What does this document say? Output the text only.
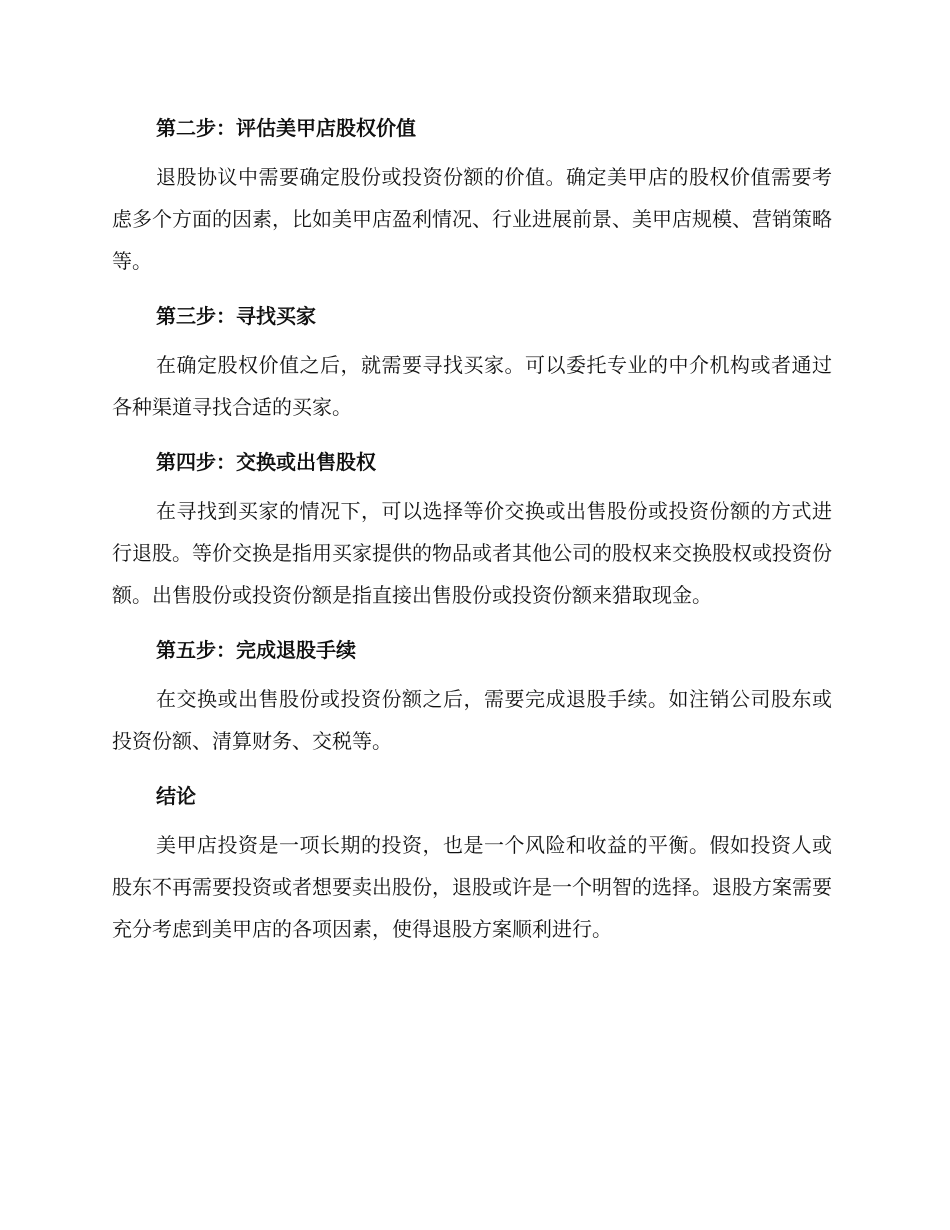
第二步：评估美甲店股权价值

退股协议中需要确定股份或投资份额的价值。确定美甲店的股权价值需要考虑多个方面的因素，比如美甲店盈利情况、行业进展前景、美甲店规模、营销策略等。

第三步：寻找买家

在确定股权价值之后，就需要寻找买家。可以委托专业的中介机构或者通过各种渠道寻找合适的买家。

第四步：交换或出售股权

在寻找到买家的情况下，可以选择等价交换或出售股份或投资份额的方式进行退股。等价交换是指用买家提供的物品或者其他公司的股权来交换股权或投资份额。出售股份或投资份额是指直接出售股份或投资份额来猎取现金。

第五步：完成退股手续

在交换或出售股份或投资份额之后，需要完成退股手续。如注销公司股东或投资份额、清算财务、交税等。

结论

美甲店投资是一项长期的投资，也是一个风险和收益的平衡。假如投资人或股东不再需要投资或者想要卖出股份，退股或许是一个明智的选择。退股方案需要充分考虑到美甲店的各项因素，使得退股方案顺利进行。
